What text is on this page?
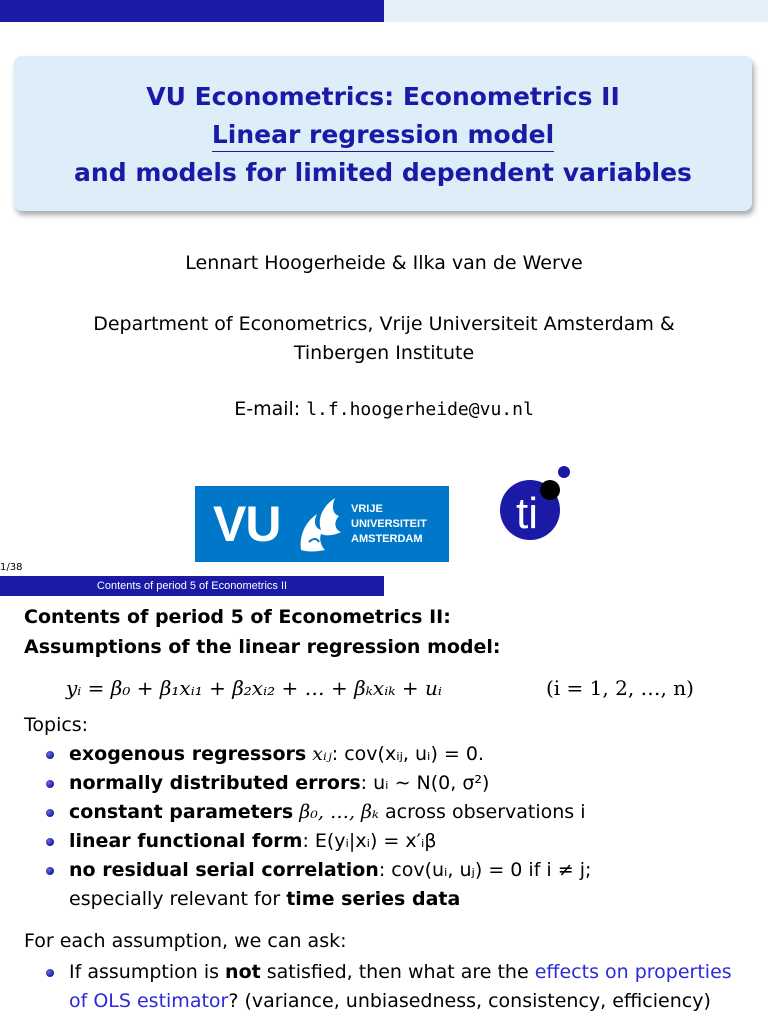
VU Econometrics: Econometrics II
Linear regression model
and models for limited dependent variables
Lennart Hoogerheide & Ilka van de Werve
Department of Econometrics, Vrije Universiteit Amsterdam &
Tinbergen Institute
E-mail: l.f.hoogerheide@vu.nl
VU	VRIJE
UNIVERSITEIT
AMSTERDAM
ti
1/38
Contents of period 5 of Econometrics II
Contents of period 5 of Econometrics II:
Assumptions of the linear regression model:
yᵢ = β₀ + β₁xᵢ₁ + β₂xᵢ₂ + … + βₖxᵢₖ + uᵢ	(i = 1, 2, …, n)
Topics:
exogenous regressors xᵢⱼ: cov(xᵢⱼ, uᵢ) = 0.
normally distributed errors: uᵢ ∼ N(0, σ²)
constant parameters β₀, …, βₖ across observations i
linear functional form: E(yᵢ|xᵢ) = x′ᵢβ
no residual serial correlation: cov(uᵢ, uⱼ) = 0 if i ≠ j;
especially relevant for time series data
For each assumption, we can ask:
If assumption is not satisfied, then what are the effects on properties
of OLS estimator? (variance, unbiasedness, consistency, efficiency)
